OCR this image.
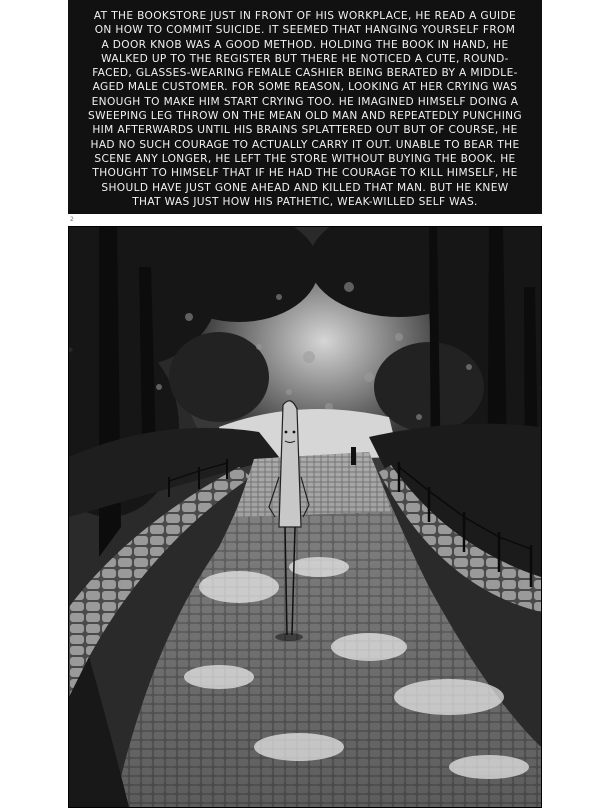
AT THE BOOKSTORE JUST IN FRONT OF HIS WORKPLACE, HE READ A GUIDE
ON HOW TO COMMIT SUICIDE. IT SEEMED THAT HANGING YOURSELF FROM
A DOOR KNOB WAS A GOOD METHOD. HOLDING THE BOOK IN HAND, HE
WALKED UP TO THE REGISTER BUT THERE HE NOTICED A CUTE, ROUND-
FACED, GLASSES-WEARING FEMALE CASHIER BEING BERATED BY A MIDDLE-
AGED MALE CUSTOMER. FOR SOME REASON, LOOKING AT HER CRYING WAS
ENOUGH TO MAKE HIM START CRYING TOO. HE IMAGINED HIMSELF DOING A
SWEEPING LEG THROW ON THE MEAN OLD MAN AND REPEATEDLY PUNCHING
HIM AFTERWARDS UNTIL HIS BRAINS SPLATTERED OUT BUT OF COURSE, HE
HAD NO SUCH COURAGE TO ACTUALLY CARRY IT OUT. UNABLE TO BEAR THE
SCENE ANY LONGER, HE LEFT THE STORE WITHOUT BUYING THE BOOK. HE
THOUGHT TO HIMSELF THAT IF HE HAD THE COURAGE TO KILL HIMSELF, HE
SHOULD HAVE JUST GONE AHEAD AND KILLED THAT MAN. BUT HE KNEW
THAT WAS JUST HOW HIS PATHETIC, WEAK-WILLED SELF WAS.
2
